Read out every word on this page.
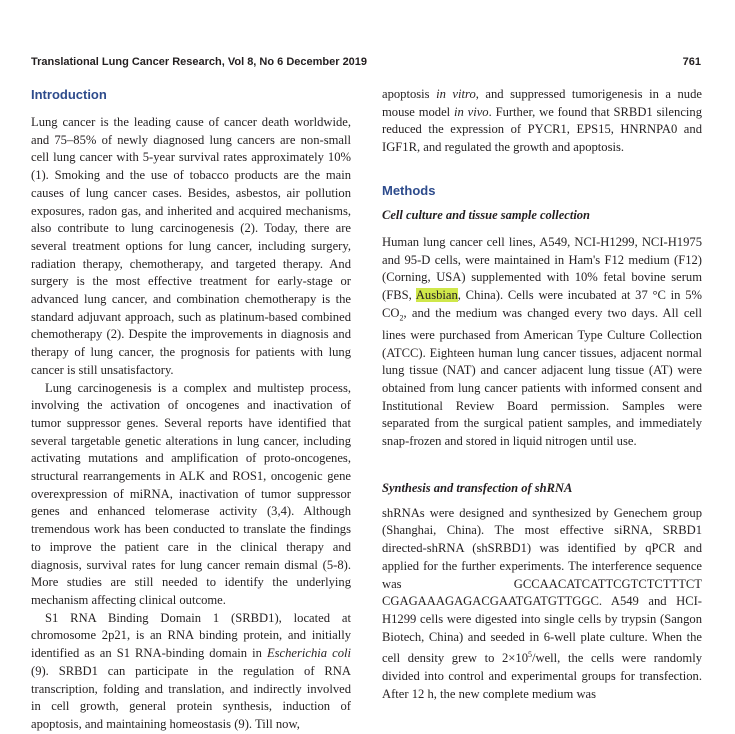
Translational Lung Cancer Research, Vol 8, No 6 December 2019	761
Introduction

Lung cancer is the leading cause of cancer death worldwide, and 75–85% of newly diagnosed lung cancers are non-small cell lung cancer with 5-year survival rates approximately 10% (1). Smoking and the use of tobacco products are the main causes of lung cancer cases. Besides, asbestos, air pollution exposures, radon gas, and inherited and acquired mechanisms, also contribute to lung carcinogenesis (2). Today, there are several treatment options for lung cancer, including surgery, radiation therapy, chemotherapy, and targeted therapy. And surgery is the most effective treatment for early-stage or advanced lung cancer, and combination chemotherapy is the standard adjuvant approach, such as platinum-based combined chemotherapy (2). Despite the improvements in diagnosis and therapy of lung cancer, the prognosis for patients with lung cancer is still unsatisfactory.

Lung carcinogenesis is a complex and multistep process, involving the activation of oncogenes and inactivation of tumor suppressor genes. Several reports have identified that several targetable genetic alterations in lung cancer, including activating mutations and amplification of proto-oncogenes, structural rearrangements in ALK and ROS1, oncogenic gene overexpression of miRNA, inactivation of tumor suppressor genes and enhanced telomerase activity (3,4). Although tremendous work has been conducted to translate the findings to improve the patient care in the clinical therapy and diagnosis, survival rates for lung cancer remain dismal (5-8). More studies are still needed to identify the underlying mechanism affecting clinical outcome.

S1 RNA Binding Domain 1 (SRBD1), located at chromosome 2p21, is an RNA binding protein, and initially identified as an S1 RNA-binding domain in Escherichia coli (9). SRBD1 can participate in the regulation of RNA transcription, folding and translation, and indirectly involved in cell growth, general protein synthesis, induction of apoptosis, and maintaining homeostasis (9). Till now,

apoptosis in vitro, and suppressed tumorigenesis in a nude mouse model in vivo. Further, we found that SRBD1 silencing reduced the expression of PYCR1, EPS15, HNRNPA0 and IGF1R, and regulated the growth and apoptosis.

Methods
Cell culture and tissue sample collection

Human lung cancer cell lines, A549, NCI-H1299, NCI-H1975 and 95-D cells, were maintained in Ham's F12 medium (F12) (Corning, USA) supplemented with 10% fetal bovine serum (FBS, Ausbian, China). Cells were incubated at 37 °C in 5% $CO_2$, and the medium was changed every two days. All cell lines were purchased from American Type Culture Collection (ATCC). Eighteen human lung cancer tissues, adjacent normal lung tissue (NAT) and cancer adjacent lung tissue (AT) were obtained from lung cancer patients with informed consent and Institutional Review Board permission. Samples were separated from the surgical patient samples, and immediately snap-frozen and stored in liquid nitrogen until use.

Synthesis and transfection of shRNA

shRNAs were designed and synthesized by Genechem group (Shanghai, China). The most effective siRNA, SRBD1 directed-shRNA (shSRBD1) was identified by qPCR and applied for the further experiments. The interference sequence was GCCAACATCATTCGTCTCTTTCT CGAGAAAGAGACGAATGATGTTGGC. A549 and HCI-H1299 cells were digested into single cells by trypsin (Sangon Biotech, China) and seeded in 6-well plate culture. When the cell density grew to $2\times 10^5$/well, the cells were randomly divided into control and experimental groups for transfection. After 12 h, the new complete medium was
